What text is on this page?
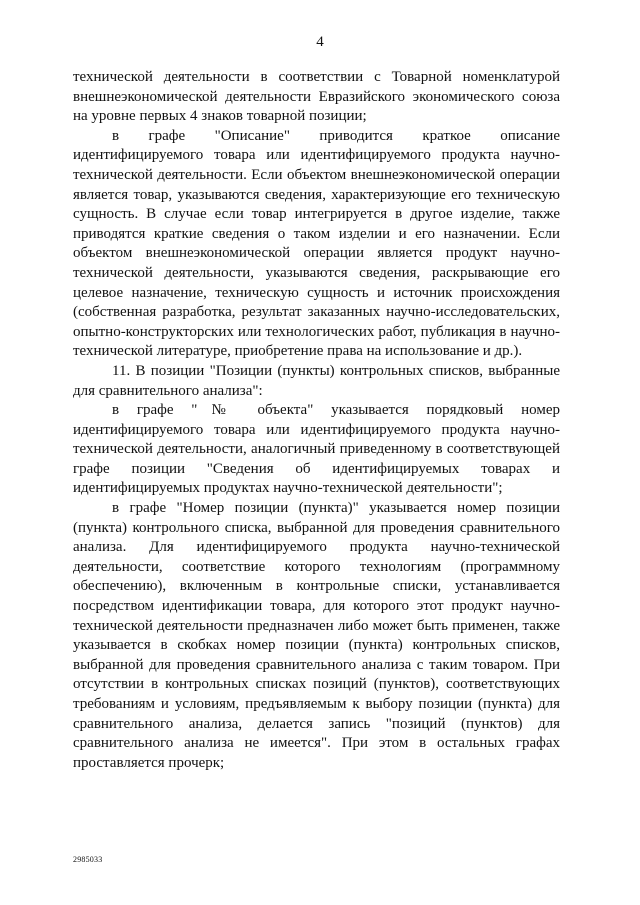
4

технической деятельности в соответствии с Товарной номенклатурой внешнеэкономической деятельности Евразийского экономического союза на уровне первых 4 знаков товарной позиции;

в графе "Описание" приводится краткое описание идентифицируемого товара или идентифицируемого продукта научно-технической деятельности. Если объектом внешнеэкономической операции является товар, указываются сведения, характеризующие его техническую сущность. В случае если товар интегрируется в другое изделие, также приводятся краткие сведения о таком изделии и его назначении. Если объектом внешнеэкономической операции является продукт научно-технической деятельности, указываются сведения, раскрывающие его целевое назначение, техническую сущность и источник происхождения (собственная разработка, результат заказанных научно-исследовательских, опытно-конструкторских или технологических работ, публикация в научно-технической литературе, приобретение права на использование и др.).

11. В позиции "Позиции (пункты) контрольных списков, выбранные для сравнительного анализа":

в графе "№ объекта" указывается порядковый номер идентифицируемого товара или идентифицируемого продукта научно-технической деятельности, аналогичный приведенному в соответствующей графе позиции "Сведения об идентифицируемых товарах и идентифицируемых продуктах научно-технической деятельности";

в графе "Номер позиции (пункта)" указывается номер позиции (пункта) контрольного списка, выбранной для проведения сравнительного анализа. Для идентифицируемого продукта научно-технической деятельности, соответствие которого технологиям (программному обеспечению), включенным в контрольные списки, устанавливается посредством идентификации товара, для которого этот продукт научно-технической деятельности предназначен либо может быть применен, также указывается в скобках номер позиции (пункта) контрольных списков, выбранной для проведения сравнительного анализа с таким товаром. При отсутствии в контрольных списках позиций (пунктов), соответствующих требованиям и условиям, предъявляемым к выбору позиции (пункта) для сравнительного анализа, делается запись "позиций (пунктов) для сравнительного анализа не имеется". При этом в остальных графах проставляется прочерк;

2985033
